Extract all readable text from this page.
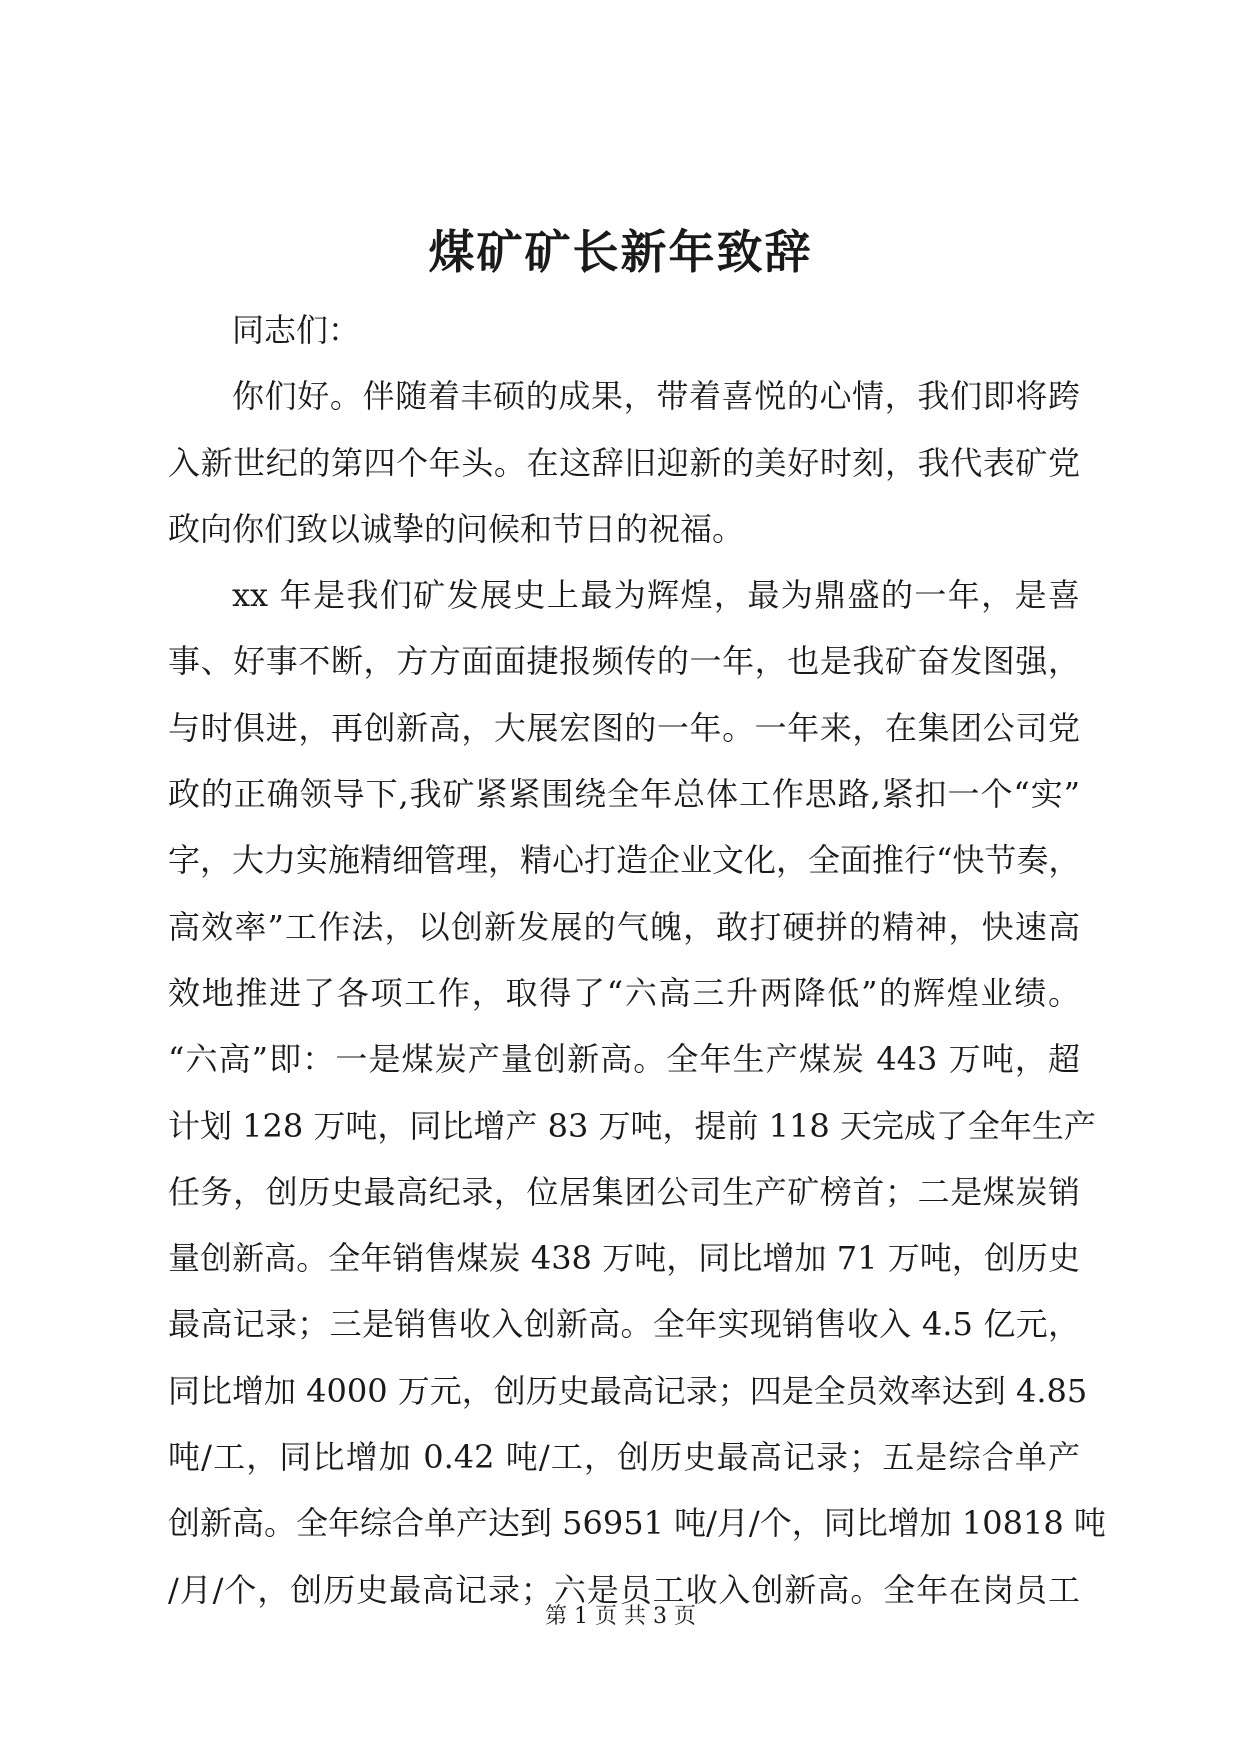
煤矿矿长新年致辞

同志们：

你们好。伴随着丰硕的成果，带着喜悦的心情，我们即将跨

入新世纪的第四个年头。在这辞旧迎新的美好时刻，我代表矿党

政向你们致以诚挚的问候和节日的祝福。

xx 年是我们矿发展史上最为辉煌，最为鼎盛的一年，是喜

事、好事不断，方方面面捷报频传的一年，也是我矿奋发图强，

与时俱进，再创新高，大展宏图的一年。一年来，在集团公司党

政的正确领导下,我矿紧紧围绕全年总体工作思路,紧扣一个“实”

字，大力实施精细管理，精心打造企业文化，全面推行“快节奏，

高效率”工作法，以创新发展的气魄，敢打硬拼的精神，快速高

效地推进了各项工作，取得了“六高三升两降低”的辉煌业绩。

“六高”即：一是煤炭产量创新高。全年生产煤炭 443 万吨，超

计划 128 万吨，同比增产 83 万吨，提前 118 天完成了全年生产

任务，创历史最高纪录，位居集团公司生产矿榜首；二是煤炭销

量创新高。全年销售煤炭 438 万吨，同比增加 71 万吨，创历史

最高记录；三是销售收入创新高。全年实现销售收入 4.5 亿元，

同比增加 4000 万元，创历史最高记录；四是全员效率达到 4.85

吨/工，同比增加 0.42 吨/工，创历史最高记录；五是综合单产

创新高。全年综合单产达到 56951 吨/月/个，同比增加 10818 吨

/月/个，创历史最高记录；六是员工收入创新高。全年在岗员工

第 1 页 共 3 页
